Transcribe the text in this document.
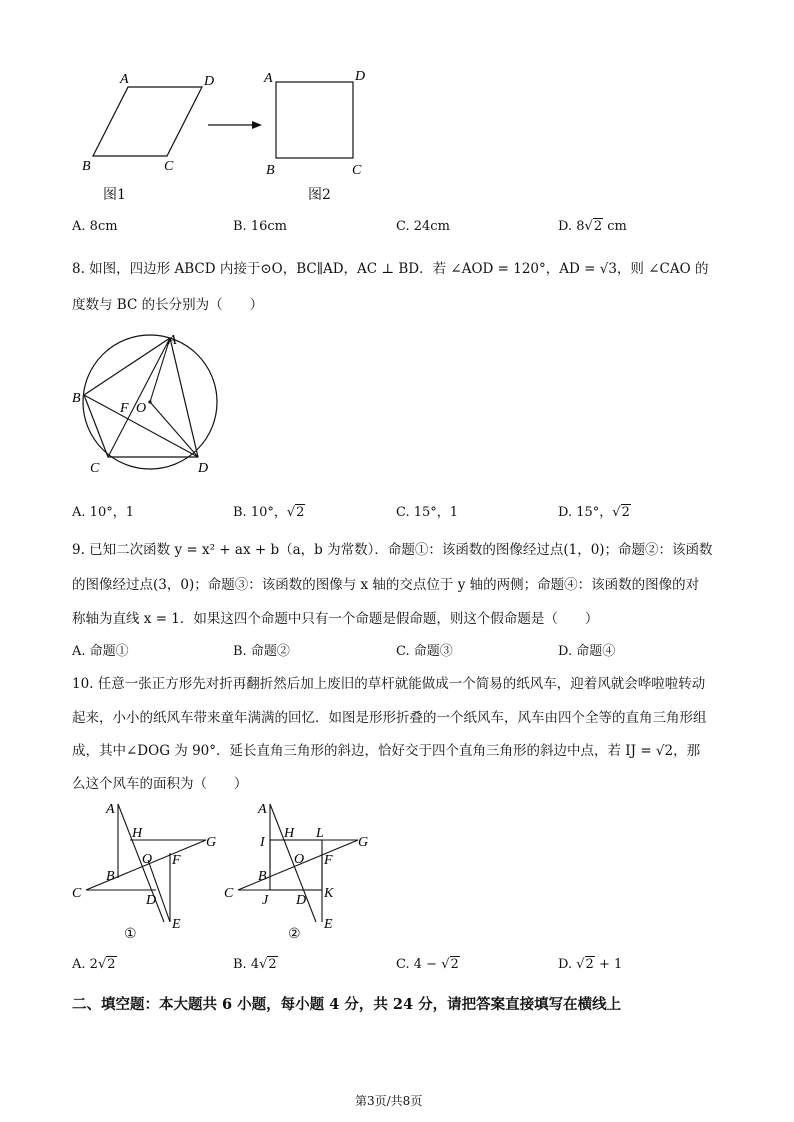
A	D
B	C
A	D
B	C
图1	图2
A. 8cm	B. 16cm	C. 24cm	D. 8√2 cm
8. 如图，四边形 ABCD 内接于⊙O，BC∥AD，AC ⊥ BD．若 ∠AOD = 120°，AD = √3，则 ∠CAO 的
度数与 BC 的长分别为（　　）
A
B
C	D
F O
A. 10°，1	B. 10°，√2	C. 15°，1	D. 15°，√2
9. 已知二次函数 y = x² + ax + b（a，b 为常数）．命题①：该函数的图像经过点(1，0)；命题②：该函数
的图像经过点(3，0)；命题③：该函数的图像与 x 轴的交点位于 y 轴的两侧；命题④：该函数的图像的对
称轴为直线 x = 1．如果这四个命题中只有一个命题是假命题，则这个假命题是（　　）
A. 命题①	B. 命题②	C. 命题③	D. 命题④
10. 任意一张正方形先对折再翻折然后加上废旧的草杆就能做成一个简易的纸风车，迎着风就会哗啦啦转动
起来，小小的纸风车带来童年满满的回忆．如图是形形折叠的一个纸风车，风车由四个全等的直角三角形组
成，其中∠DOG 为 90°．延长直角三角形的斜边，恰好交于四个直角三角形的斜边中点，若 IJ = √2，那
么这个风车的面积为（　　）
A
H
G
O F
B
C	D
E
①
A
I
H L
G
O F
B
K
C J D
E
②
A. 2√2	B. 4√2	C. 4 − √2	D. √2 + 1
二、填空题：本大题共 6 小题，每小题 4 分，共 24 分，请把答案直接填写在横线上
第3页/共8页
